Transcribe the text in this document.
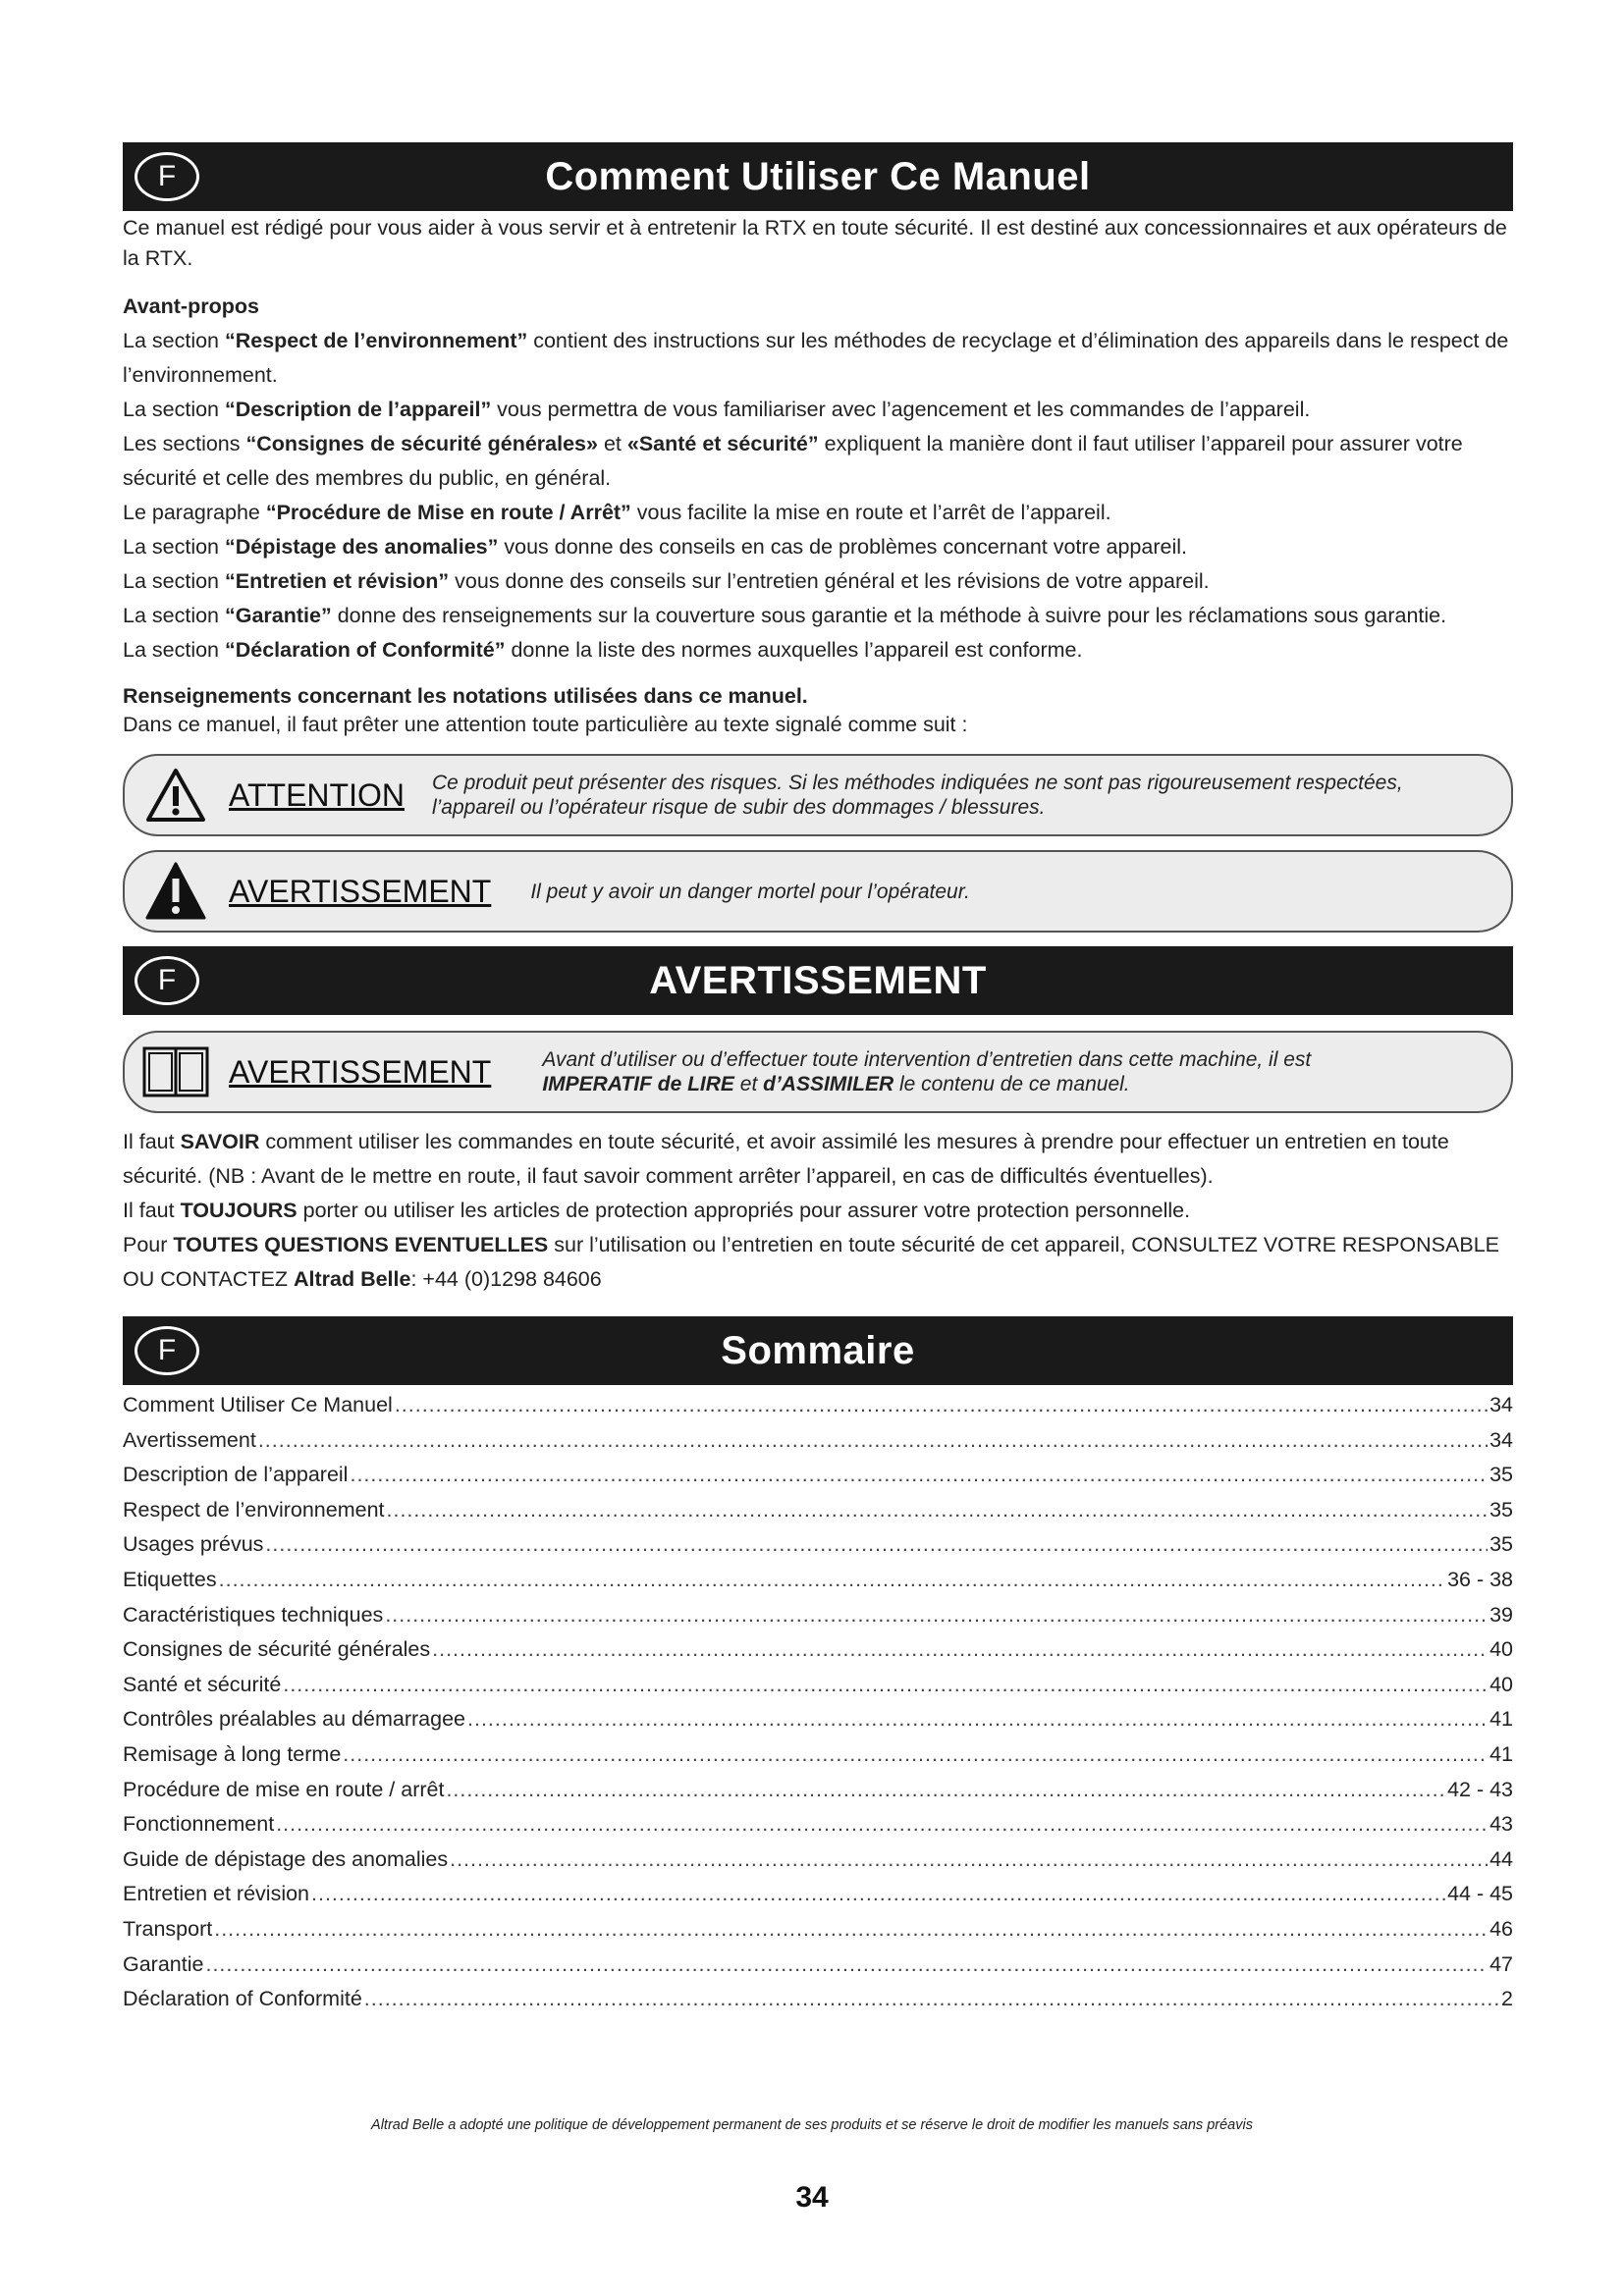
F	Comment Utiliser Ce Manuel

Ce manuel est rédigé pour vous aider à vous servir et à entretenir la RTX en toute sécurité. Il est destiné aux concessionnaires et aux opérateurs de la RTX.

Avant-propos

La section “Respect de l’environnement” contient des instructions sur les méthodes de recyclage et d’élimination des appareils dans le respect de l’environnement.

La section “Description de l’appareil” vous permettra de vous familiariser avec l’agencement et les commandes de l’appareil.

Les sections “Consignes de sécurité générales» et «Santé et sécurité” expliquent la manière dont il faut utiliser l’appareil pour assurer votre sécurité et celle des membres du public, en général.

Le paragraphe “Procédure de Mise en route / Arrêt” vous facilite la mise en route et l’arrêt de l’appareil.

La section “Dépistage des anomalies” vous donne des conseils en cas de problèmes concernant votre appareil.

La section “Entretien et révision” vous donne des conseils sur l’entretien général et les révisions de votre appareil.

La section “Garantie” donne des renseignements sur la couverture sous garantie et la méthode à suivre pour les réclamations sous garantie.

La section “Déclaration of Conformité” donne la liste des normes auxquelles l’appareil est conforme.

Renseignements concernant les notations utilisées dans ce manuel.

Dans ce manuel, il faut prêter une attention toute particulière au texte signalé comme suit :

ATTENTION Ce produit peut présenter des risques. Si les méthodes indiquées ne sont pas rigoureusement respectées, l’appareil ou l’opérateur risque de subir des dommages / blessures.
AVERTISSEMENT Il peut y avoir un danger mortel pour l’opérateur.
F	AVERTISSEMENT
AVERTISSEMENT Avant d’utiliser ou d’effectuer toute intervention d’entretien dans cette machine, il est IMPERATIF de LIRE et d’ASSIMILER le contenu de ce manuel.

Il faut SAVOIR comment utiliser les commandes en toute sécurité, et avoir assimilé les mesures à prendre pour effectuer un entretien en toute sécurité. (NB : Avant de le mettre en route, il faut savoir comment arrêter l’appareil, en cas de difficultés éventuelles).

Il faut TOUJOURS porter ou utiliser les articles de protection appropriés pour assurer votre protection personnelle.

Pour TOUTES QUESTIONS EVENTUELLES sur l’utilisation ou l’entretien en toute sécurité de cet appareil, CONSULTEZ VOTRE RESPONSABLE OU CONTACTEZ Altrad Belle: +44 (0)1298 84606

F	Sommaire
Comment Utiliser Ce Manuel .....	34
Avertissement .....	34
Description de l’appareil .....	35
Respect de l’environnement .....	35
Usages prévus .....	35
Etiquettes .....	36 - 38
Caractéristiques techniques .....	39
Consignes de sécurité générales .....	40
Santé et sécurité .....	40
Contrôles préalables au démarragee .....	41
Remisage à long terme .....	41
Procédure de mise en route / arrêt .....	42 - 43
Fonctionnement .....	43
Guide de dépistage des anomalies .....	44
Entretien et révision .....	44 - 45
Transport .....	46
Garantie .....	47
Déclaration of Conformité .....	2
Altrad Belle a adopté une politique de développement permanent de ses produits et se réserve le droit de modifier les manuels sans préavis
34
